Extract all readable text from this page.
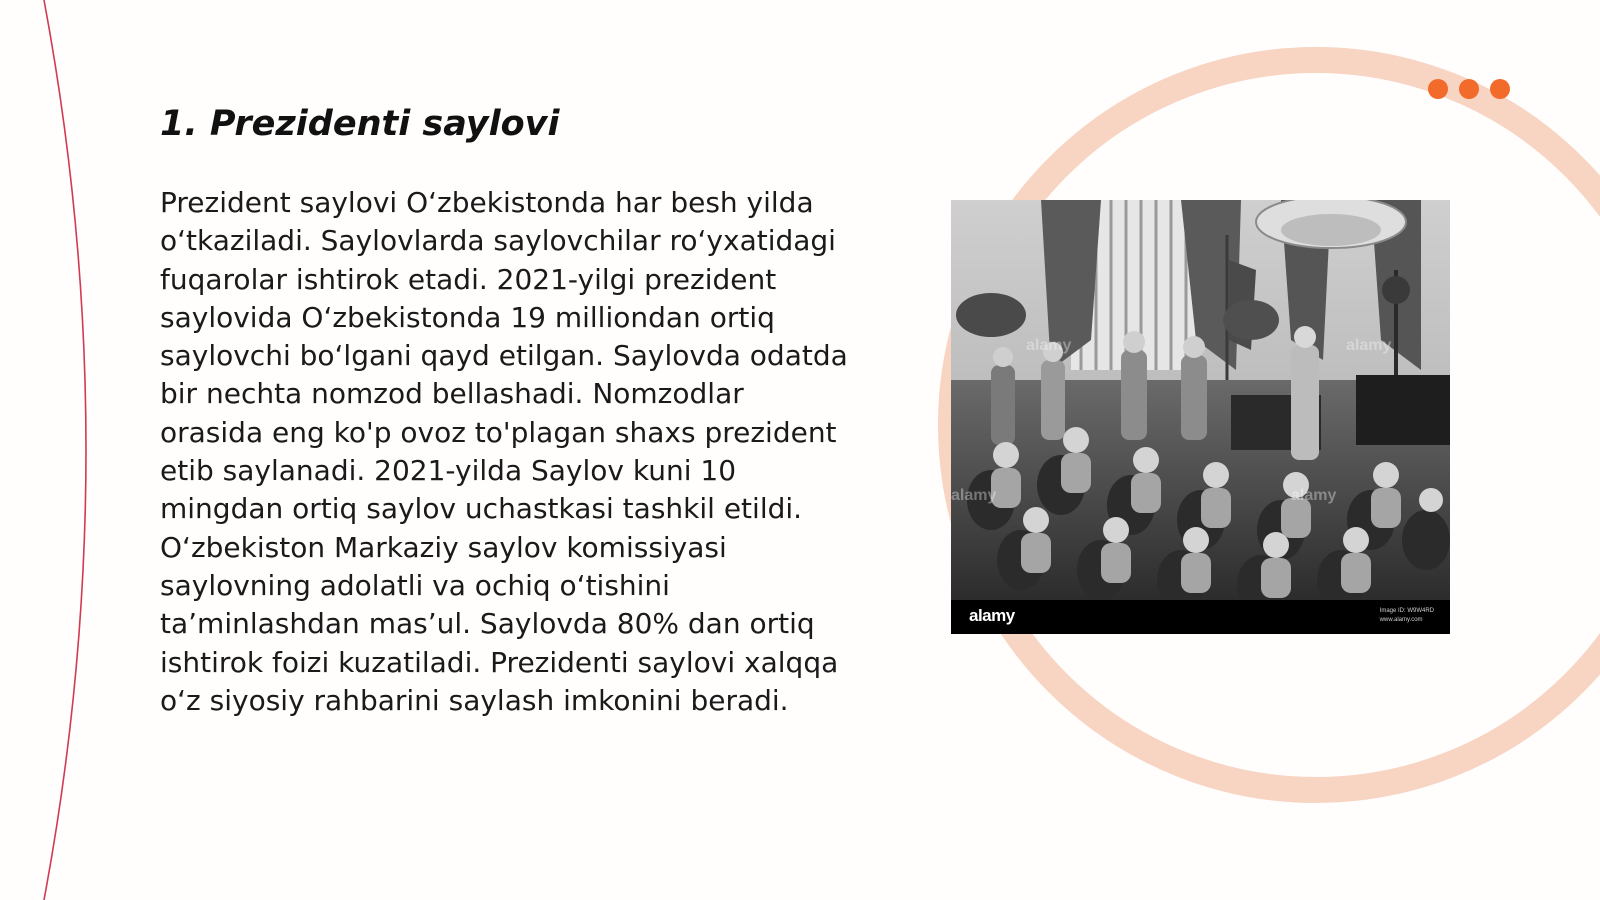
1. Prezidenti saylovi

Prezident saylovi O‘zbekistonda har besh yilda o‘tkaziladi. Saylovlarda saylovchilar ro‘yxatidagi fuqarolar ishtirok etadi. 2021-yilgi prezident saylovida O‘zbekistonda 19 milliondan ortiq saylovchi bo‘lgani qayd etilgan. Saylovda odatda bir nechta nomzod bellashadi. Nomzodlar orasida eng ko'p ovoz to'plagan shaxs prezident etib saylanadi. 2021-yilda Saylov kuni 10 mingdan ortiq saylov uchastkasi tashkil etildi. O‘zbekiston Markaziy saylov komissiyasi saylovning adolatli va ochiq o‘tishini ta’minlashdan mas’ul. Saylovda 80% dan ortiq ishtirok foizi kuzatiladi. Prezidenti saylovi xalqqa o‘z siyosiy rahbarini saylash imkonini beradi.

alamy
alamy	alamy
alamy
alamy	Image ID: W9W4RD
www.alamy.com
